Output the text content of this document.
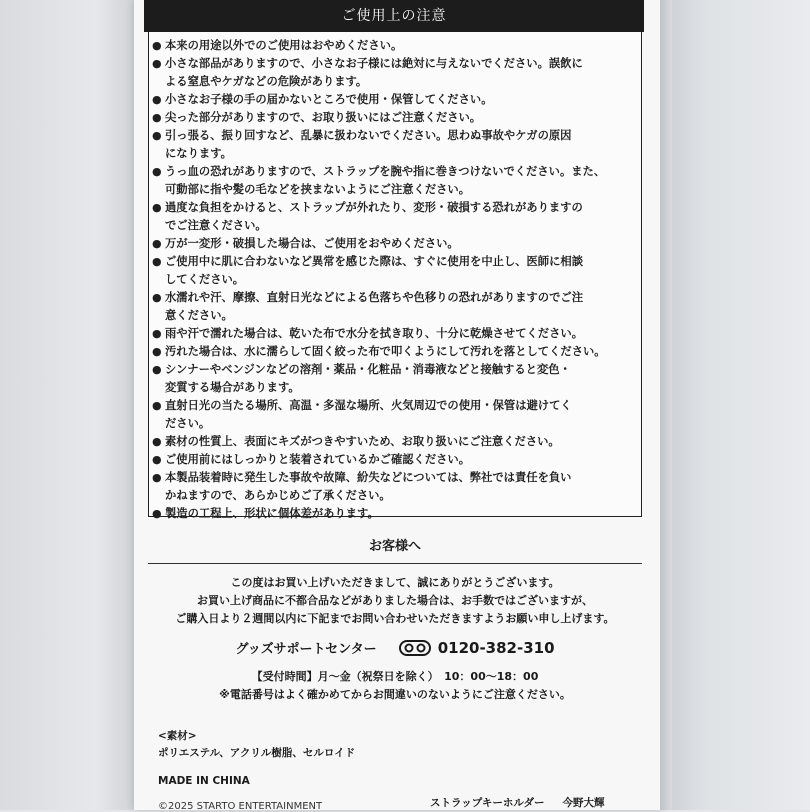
ご使用上の注意
● 本来の用途以外でのご使用はおやめください。
● 小さな部品がありますので、小さなお子様には絶対に与えないでください。誤飲に
よる窒息やケガなどの危険があります。
● 小さなお子様の手の届かないところで使用・保管してください。
● 尖った部分がありますので、お取り扱いにはご注意ください。
● 引っ張る、振り回すなど、乱暴に扱わないでください。思わぬ事故やケガの原因
になります。
● うっ血の恐れがありますので、ストラップを腕や指に巻きつけないでください。また、
可動部に指や髪の毛などを挟まないようにご注意ください。
● 過度な負担をかけると、ストラップが外れたり、変形・破損する恐れがありますの
でご注意ください。
● 万が一変形・破損した場合は、ご使用をおやめください。
● ご使用中に肌に合わないなど異常を感じた際は、すぐに使用を中止し、医師に相談
してください。
● 水濡れや汗、摩擦、直射日光などによる色落ちや色移りの恐れがありますのでご注
意ください。
● 雨や汗で濡れた場合は、乾いた布で水分を拭き取り、十分に乾燥させてください。
● 汚れた場合は、水に濡らして固く絞った布で叩くようにして汚れを落としてください。
● シンナーやベンジンなどの溶剤・薬品・化粧品・消毒液などと接触すると変色・
変質する場合があります。
● 直射日光の当たる場所、高温・多湿な場所、火気周辺での使用・保管は避けてく
ださい。
● 素材の性質上、表面にキズがつきやすいため、お取り扱いにご注意ください。
● ご使用前にはしっかりと装着されているかご確認ください。
● 本製品装着時に発生した事故や故障、紛失などについては、弊社では責任を負い
かねますので、あらかじめご了承ください。
● 製造の工程上、形状に個体差があります。
お客様へ
この度はお買い上げいただきまして、誠にありがとうございます。
お買い上げ商品に不都合品などがありました場合は、お手数ではございますが、
ご購入日より２週間以内に下記までお問い合わせいただきますようお願い申し上げます。
グッズサポートセンター	0120-382-310
【受付時間】月～金（祝祭日を除く）　10：00～18：00
※電話番号はよく確かめてからお間違いのないようにご注意ください。
<素材>
ポリエステル、アクリル樹脂、セルロイド
MADE IN CHINA
©2025 STARTO ENTERTAINMENT	ストラップキーホルダー 今野大輝
